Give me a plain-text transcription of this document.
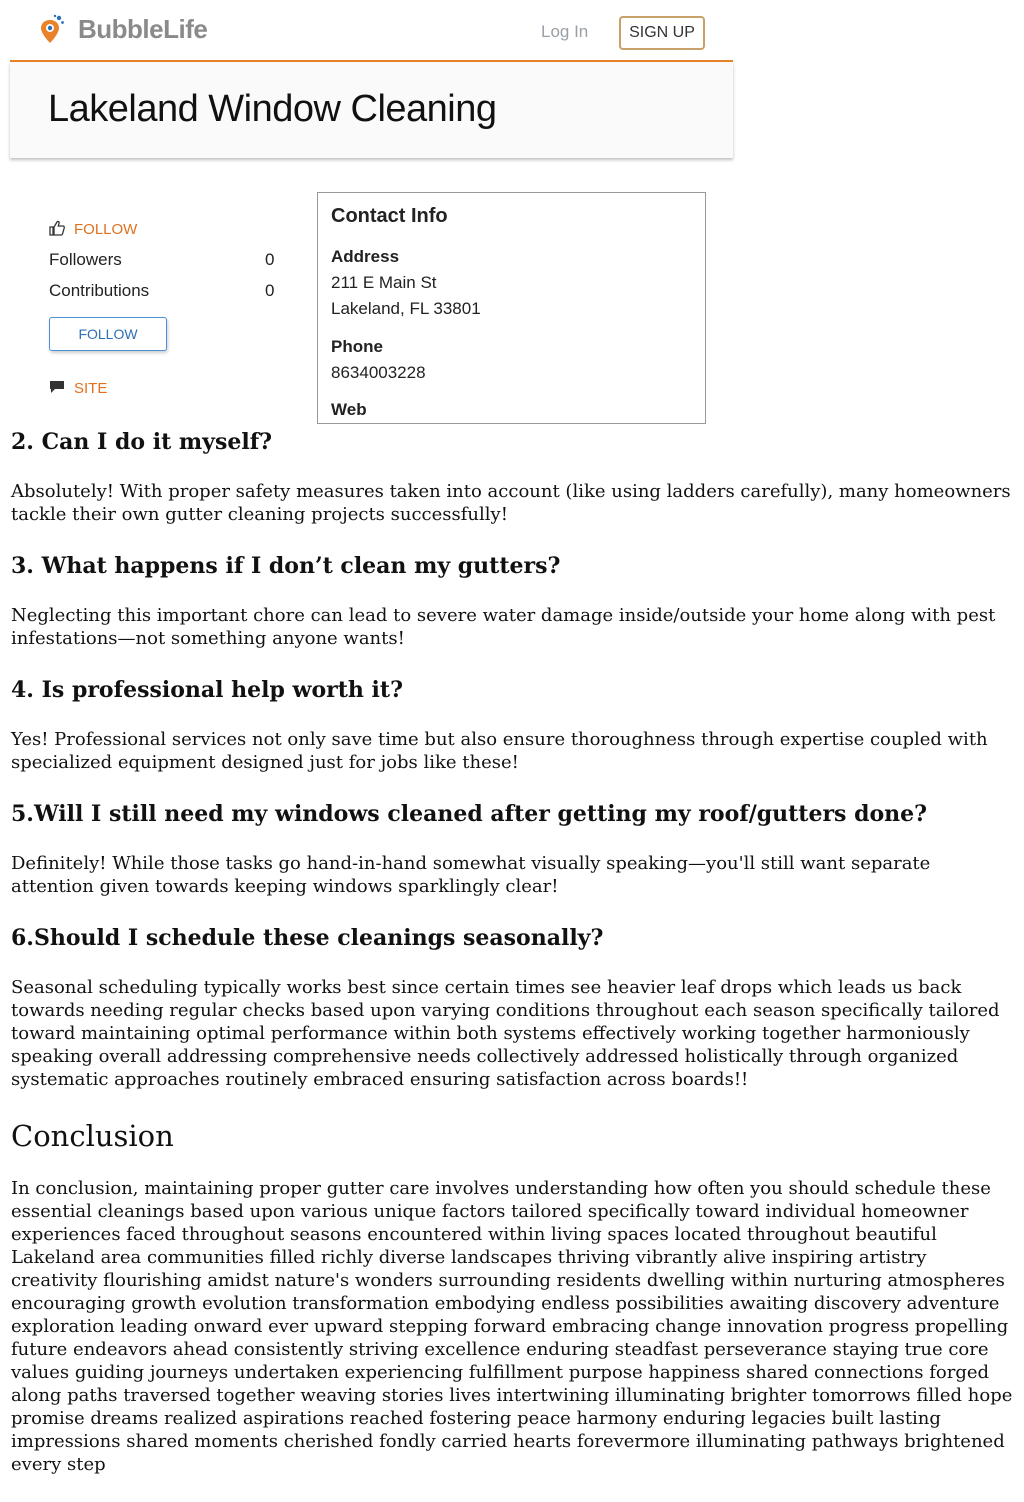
BubbleLife	Log In	SIGN UP
Lakeland Window Cleaning
FOLLOW
Followers	0
Contributions	0
FOLLOW
SITE
Contact Info
Address
211 E Main St
Lakeland, FL 33801
Phone
8634003228
Web
2. Can I do it myself?

Absolutely! With proper safety measures taken into account (like using ladders carefully), many homeowners tackle their own gutter cleaning projects successfully!

3. What happens if I don’t clean my gutters?

Neglecting this important chore can lead to severe water damage inside/outside your home along with pest infestations—not something anyone wants!

4. Is professional help worth it?

Yes! Professional services not only save time but also ensure thoroughness through expertise coupled with specialized equipment designed just for jobs like these!

5.Will I still need my windows cleaned after getting my roof/gutters done?

Definitely! While those tasks go hand-in-hand somewhat visually speaking—you'll still want separate attention given towards keeping windows sparklingly clear!

6.Should I schedule these cleanings seasonally?

Seasonal scheduling typically works best since certain times see heavier leaf drops which leads us back towards needing regular checks based upon varying conditions throughout each season specifically tailored toward maintaining optimal performance within both systems effectively working together harmoniously speaking overall addressing comprehensive needs collectively addressed holistically through organized systematic approaches routinely embraced ensuring satisfaction across boards!!

Conclusion

In conclusion, maintaining proper gutter care involves understanding how often you should schedule these essential cleanings based upon various unique factors tailored specifically toward individual homeowner experiences faced throughout seasons encountered within living spaces located throughout beautiful Lakeland area communities filled richly diverse landscapes thriving vibrantly alive inspiring artistry creativity flourishing amidst nature's wonders surrounding residents dwelling within nurturing atmospheres encouraging growth evolution transformation embodying endless possibilities awaiting discovery adventure exploration leading onward ever upward stepping forward embracing change innovation progress propelling future endeavors ahead consistently striving excellence enduring steadfast perseverance staying true core values guiding journeys undertaken experiencing fulfillment purpose happiness shared connections forged along paths traversed together weaving stories lives intertwining illuminating brighter tomorrows filled hope promise dreams realized aspirations reached fostering peace harmony enduring legacies built lasting impressions shared moments cherished fondly carried hearts forevermore illuminating pathways brightened every step
